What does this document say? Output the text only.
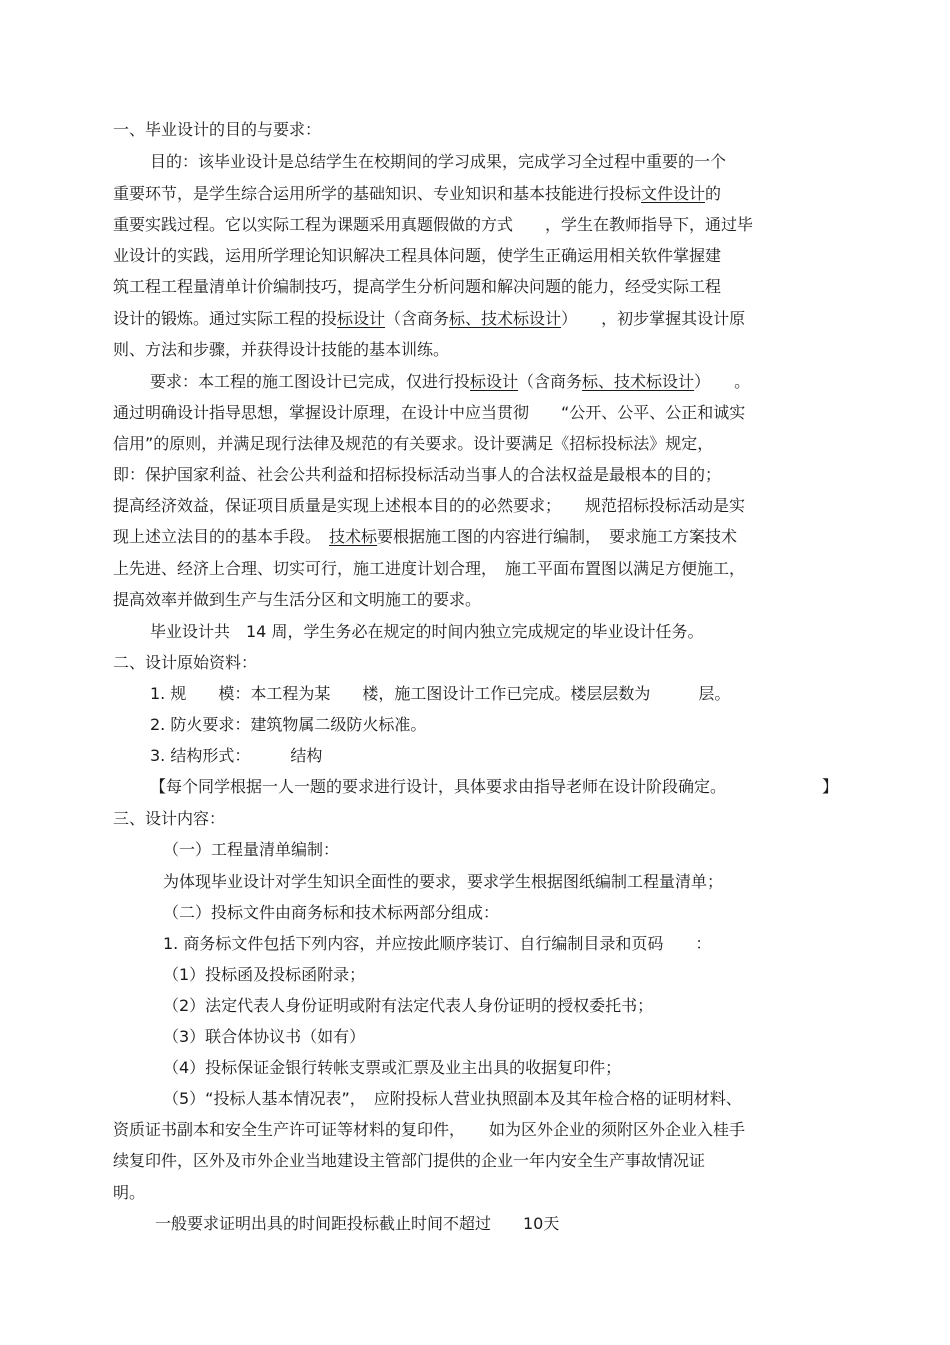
一、毕业设计的目的与要求：
目的：该毕业设计是总结学生在校期间的学习成果，完成学习全过程中重要的一个
重要环节，是学生综合运用所学的基础知识、专业知识和基本技能进行投标文件设计的
重要实践过程。它以实际工程为课题采用真题假做的方式　　，学生在教师指导下，通过毕
业设计的实践，运用所学理论知识解决工程具体问题，使学生正确运用相关软件掌握建
筑工程工程量清单计价编制技巧，提高学生分析问题和解决问题的能力，经受实际工程
设计的锻炼。通过实际工程的投标设计（含商务标、技术标设计）　　，初步掌握其设计原
则、方法和步骤，并获得设计技能的基本训练。
要求：本工程的施工图设计已完成，仅进行投标设计（含商务标、技术标设计）　　。
通过明确设计指导思想，掌握设计原理，在设计中应当贯彻　　“公开、公平、公正和诚实
信用”的原则，并满足现行法律及规范的有关要求。设计要满足《招标投标法》规定，
即：保护国家利益、社会公共利益和招标投标活动当事人的合法权益是最根本的目的；
提高经济效益，保证项目质量是实现上述根本目的的必然要求；　　规范招标投标活动是实
现上述立法目的的基本手段。　技术标要根据施工图的内容进行编制，　要求施工方案技术
上先进、经济上合理、切实可行，施工进度计划合理，　施工平面布置图以满足方便施工，
提高效率并做到生产与生活分区和文明施工的要求。
毕业设计共　14 周，学生务必在规定的时间内独立完成规定的毕业设计任务。
二、设计原始资料：
1. 规　　模：本工程为某　　楼，施工图设计工作已完成。楼层层数为　　　层。
2. 防火要求：建筑物属二级防火标准。
3. 结构形式：　　　结构
【每个同学根据一人一题的要求进行设计，具体要求由指导老师在设计阶段确定。	】
三、设计内容：
（一）工程量清单编制：
为体现毕业设计对学生知识全面性的要求，要求学生根据图纸编制工程量清单；
（二）投标文件由商务标和技术标两部分组成：
1. 商务标文件包括下列内容，并应按此顺序装订、自行编制目录和页码　　：
（1）投标函及投标函附录；
（2）法定代表人身份证明或附有法定代表人身份证明的授权委托书；
（3）联合体协议书（如有）
（4）投标保证金银行转帐支票或汇票及业主出具的收据复印件；
（5）“投标人基本情况表”，　应附投标人营业执照副本及其年检合格的证明材料、
资质证书副本和安全生产许可证等材料的复印件，　　如为区外企业的须附区外企业入桂手
续复印件，区外及市外企业当地建设主管部门提供的企业一年内安全生产事故情况证
明。
一般要求证明出具的时间距投标截止时间不超过　　10天
